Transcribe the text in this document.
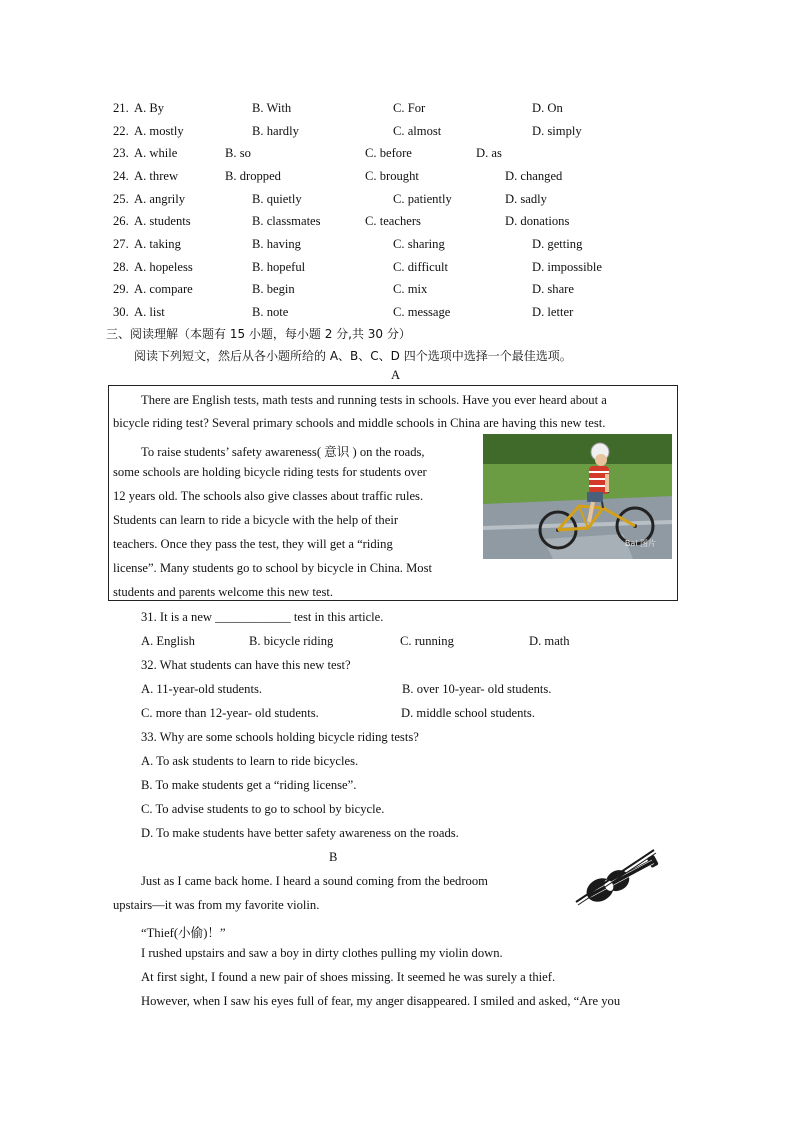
21. A. By	B. With	C. For	D. On
22. A. mostly	B. hardly	C. almost	D. simply
23. A. while	B. so	C. before	D. as
24. A. threw	B. dropped	C. brought	D. changed
25. A. angrily	B. quietly	C. patiently	D. sadly
26. A. students	B. classmates	C. teachers	D. donations
27. A. taking	B. having	C. sharing	D. getting
28. A. hopeless	B. hopeful	C. difficult	D. impossible
29. A. compare	B. begin	C. mix	D. share
30. A. list	B. note	C. message	D. letter
三、阅读理解（本题有 15 小题，每小题 2 分,共 30 分）
阅读下列短文，然后从各小题所给的 A、B、C、D 四个选项中选择一个最佳选项。
A
There are English tests, math tests and running tests in schools. Have you ever heard about a
bicycle riding test? Several primary schools and middle schools in China are having this new test.
To raise students’ safety awareness( 意识 ) on the roads,
some schools are holding bicycle riding tests for students over
12 years old. The schools also give classes about traffic rules.
Students can learn to ride a bicycle with the help of their
teachers. Once they pass the test, they will get a “riding
license”. Many students go to school by bicycle in China. Most
students and parents welcome this new test.
Bai 图片
31. It is a new ____________ test in this article.
A. English	B. bicycle riding	C. running	D. math
32. What students can have this new test?
A. 11-year-old students.	B. over 10-year- old students.
C. more than 12-year- old students.	D. middle school students.
33. Why are some schools holding bicycle riding tests?
A. To ask students to learn to ride bicycles.
B. To make students get a “riding license”.
C. To advise students to go to school by bicycle.
D. To make students have better safety awareness on the roads.
B
Just as I came back home. I heard a sound coming from the bedroom
upstairs—it was from my favorite violin.
“Thief(小偷)！”
I rushed upstairs and saw a boy in dirty clothes pulling my violin down.
At first sight, I found a new pair of shoes missing. It seemed he was surely a thief.
However, when I saw his eyes full of fear, my anger disappeared. I smiled and asked, “Are you
